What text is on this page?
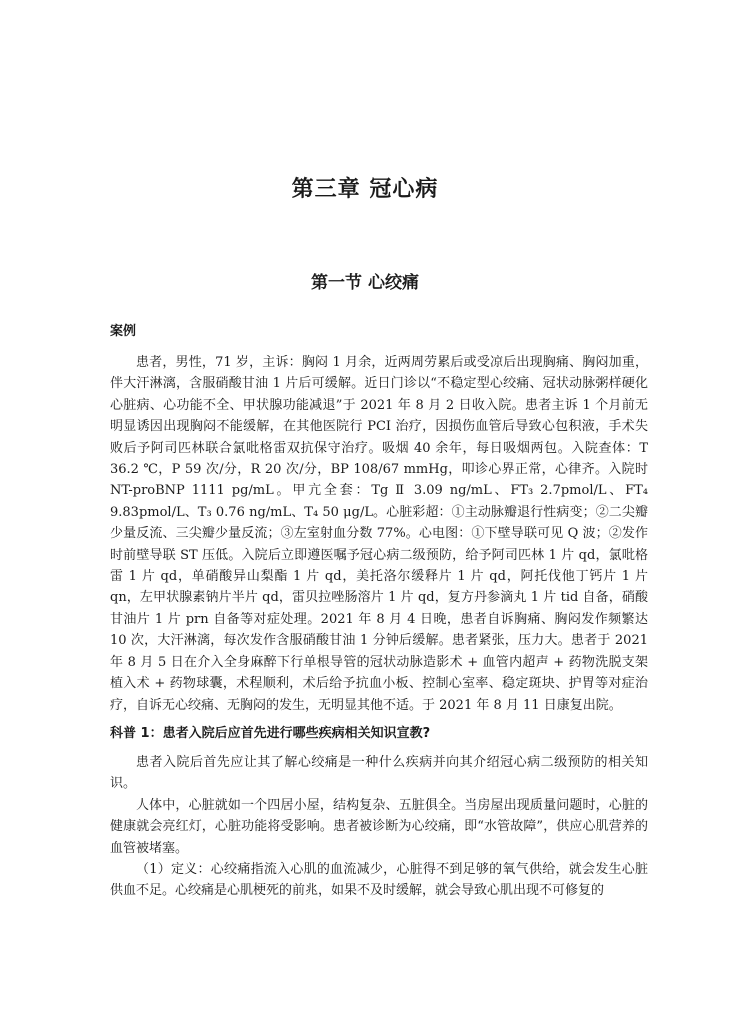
第三章 冠心病
第一节 心绞痛
案例

患者，男性，71 岁，主诉：胸闷 1 月余，近两周劳累后或受凉后出现胸痛、胸闷加重，伴大汗淋漓，含服硝酸甘油 1 片后可缓解。近日门诊以“不稳定型心绞痛、冠状动脉粥样硬化心脏病、心功能不全、甲状腺功能减退”于 2021 年 8 月 2 日收入院。患者主诉 1 个月前无明显诱因出现胸闷不能缓解，在其他医院行 PCI 治疗，因损伤血管后导致心包积液，手术失败后予阿司匹林联合氯吡格雷双抗保守治疗。吸烟 40 余年，每日吸烟两包。入院查体：T 36.2 ℃，P 59 次/分，R 20 次/分，BP 108/67 mmHg，叩诊心界正常，心律齐。入院时 NT-proBNP 1111 pg/mL。甲亢全套：Tg Ⅱ 3.09 ng/mL、FT₃ 2.7pmol/L、FT₄ 9.83pmol/L、T₃ 0.76 ng/mL、T₄ 50 μg/L。心脏彩超：①主动脉瓣退行性病变；②二尖瓣少量反流、三尖瓣少量反流；③左室射血分数 77%。心电图：①下壁导联可见 Q 波；②发作时前壁导联 ST 压低。入院后立即遵医嘱予冠心病二级预防，给予阿司匹林 1 片 qd，氯吡格雷 1 片 qd，单硝酸异山梨酯 1 片 qd，美托洛尔缓释片 1 片 qd，阿托伐他丁钙片 1 片 qn，左甲状腺素钠片半片 qd，雷贝拉唑肠溶片 1 片 qd，复方丹参滴丸 1 片 tid 自备，硝酸甘油片 1 片 prn 自备等对症处理。2021 年 8 月 4 日晚，患者自诉胸痛、胸闷发作频繁达 10 次，大汗淋漓，每次发作含服硝酸甘油 1 分钟后缓解。患者紧张，压力大。患者于 2021 年 8 月 5 日在介入全身麻醉下行单根导管的冠状动脉造影术 + 血管内超声 + 药物洗脱支架植入术 + 药物球囊，术程顺利，术后给予抗血小板、控制心室率、稳定斑块、护胃等对症治疗，自诉无心绞痛、无胸闷的发生，无明显其他不适。于 2021 年 8 月 11 日康复出院。

科普 1：患者入院后应首先进行哪些疾病相关知识宣教?

患者入院后首先应让其了解心绞痛是一种什么疾病并向其介绍冠心病二级预防的相关知识。

人体中，心脏就如一个四居小屋，结构复杂、五脏俱全。当房屋出现质量问题时，心脏的健康就会亮红灯，心脏功能将受影响。患者被诊断为心绞痛，即“水管故障”，供应心肌营养的血管被堵塞。

（1）定义：心绞痛指流入心肌的血流减少，心脏得不到足够的氧气供给，就会发生心脏供血不足。心绞痛是心肌梗死的前兆，如果不及时缓解，就会导致心肌出现不可修复的
